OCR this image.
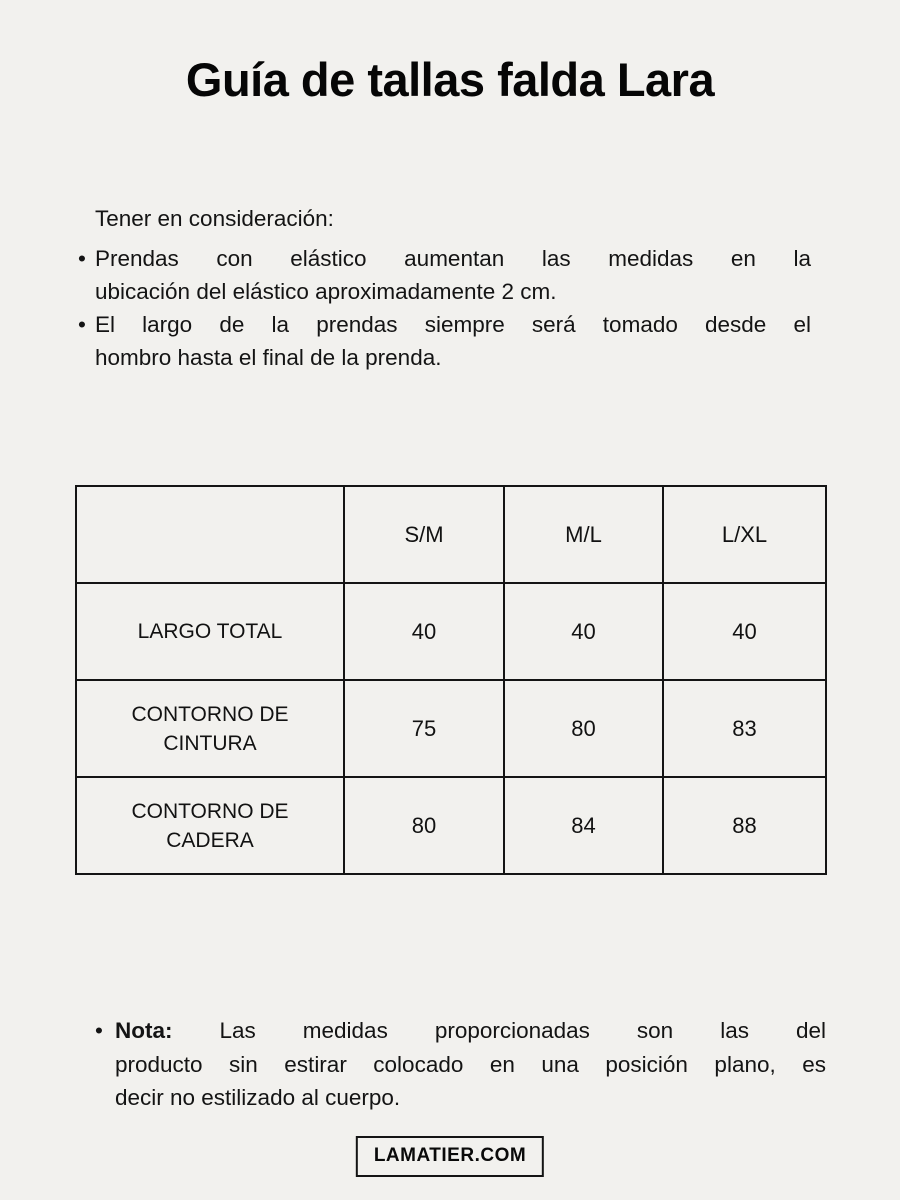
Guía de tallas falda Lara
Tener en consideración:
• Prendas con elástico aumentan las medidas en la
ubicación del elástico aproximadamente 2 cm.
• El largo de la prendas siempre será tomado desde el
hombro hasta el final de la prenda.
	S/M	M/L	L/XL
LARGO TOTAL	40	40	40
CONTORNO DE CINTURA	75	80	83
CONTORNO DE CADERA	80	84	88
• Nota: Las medidas proporcionadas son las del
producto sin estirar colocado en una posición plano, es
decir no estilizado al cuerpo.
LAMATIER.COM
